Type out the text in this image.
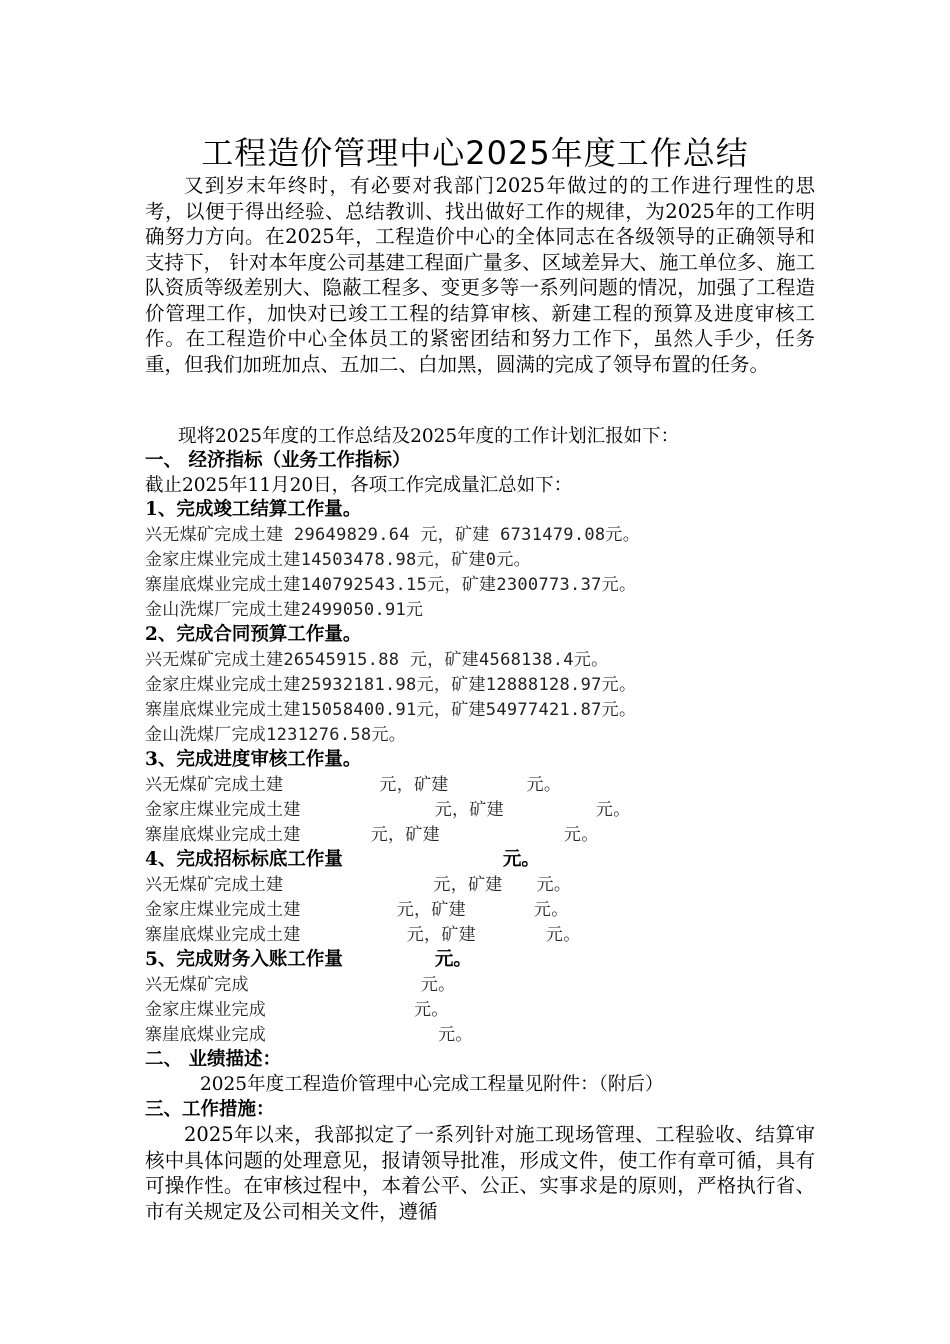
工程造价管理中心2025年度工作总结

又到岁末年终时，有必要对我部门2025年做过的的工作进行理性的思考，以便于得出经验、总结教训、找出做好工作的规律，为2025年的工作明确努力方向。在2025年，工程造价中心的全体同志在各级领导的正确领导和支持下， 针对本年度公司基建工程面广量多、区域差异大、施工单位多、施工队资质等级差别大、隐蔽工程多、变更多等一系列问题的情况，加强了工程造价管理工作，加快对已竣工工程的结算审核、新建工程的预算及进度审核工作。在工程造价中心全体员工的紧密团结和努力工作下，虽然人手少，任务重，但我们加班加点、五加二、白加黑，圆满的完成了领导布置的任务。

现将2025年度的工作总结及2025年度的工作计划汇报如下：

一、 经济指标（业务工作指标）

截止2025年11月20日，各项工作完成量汇总如下：

1、完成竣工结算工作量。

兴无煤矿完成土建 29649829.64 元，矿建 6731479.08元。

金家庄煤业完成土建14503478.98元，矿建0元。

寨崖底煤业完成土建140792543.15元，矿建2300773.37元。

金山洗煤厂完成土建2499050.91元

2、完成合同预算工作量。

兴无煤矿完成土建26545915.88 元，矿建4568138.4元。

金家庄煤业完成土建25932181.98元，矿建12888128.97元。

寨崖底煤业完成土建15058400.91元，矿建54977421.87元。

金山洗煤厂完成1231276.58元。

3、完成进度审核工作量。

兴无煤矿完成土建	元，矿建	元。

金家庄煤业完成土建	元，矿建	元。

寨崖底煤业完成土建	元，矿建	元。

4、完成招标标底工作量	元。

兴无煤矿完成土建	元，矿建 元。

金家庄煤业完成土建	元，矿建	元。

寨崖底煤业完成土建	元，矿建	元。

5、完成财务入账工作量	元。

兴无煤矿完成	元。

金家庄煤业完成	元。

寨崖底煤业完成	元。

二、 业绩描述：

2025年度工程造价管理中心完成工程量见附件：（附后）

三、工作措施：

2025年以来，我部拟定了一系列针对施工现场管理、工程验收、结算审核中具体问题的处理意见，报请领导批准，形成文件，使工作有章可循，具有可操作性。在审核过程中，本着公平、公正、实事求是的原则，严格执行省、市有关规定及公司相关文件，遵循
